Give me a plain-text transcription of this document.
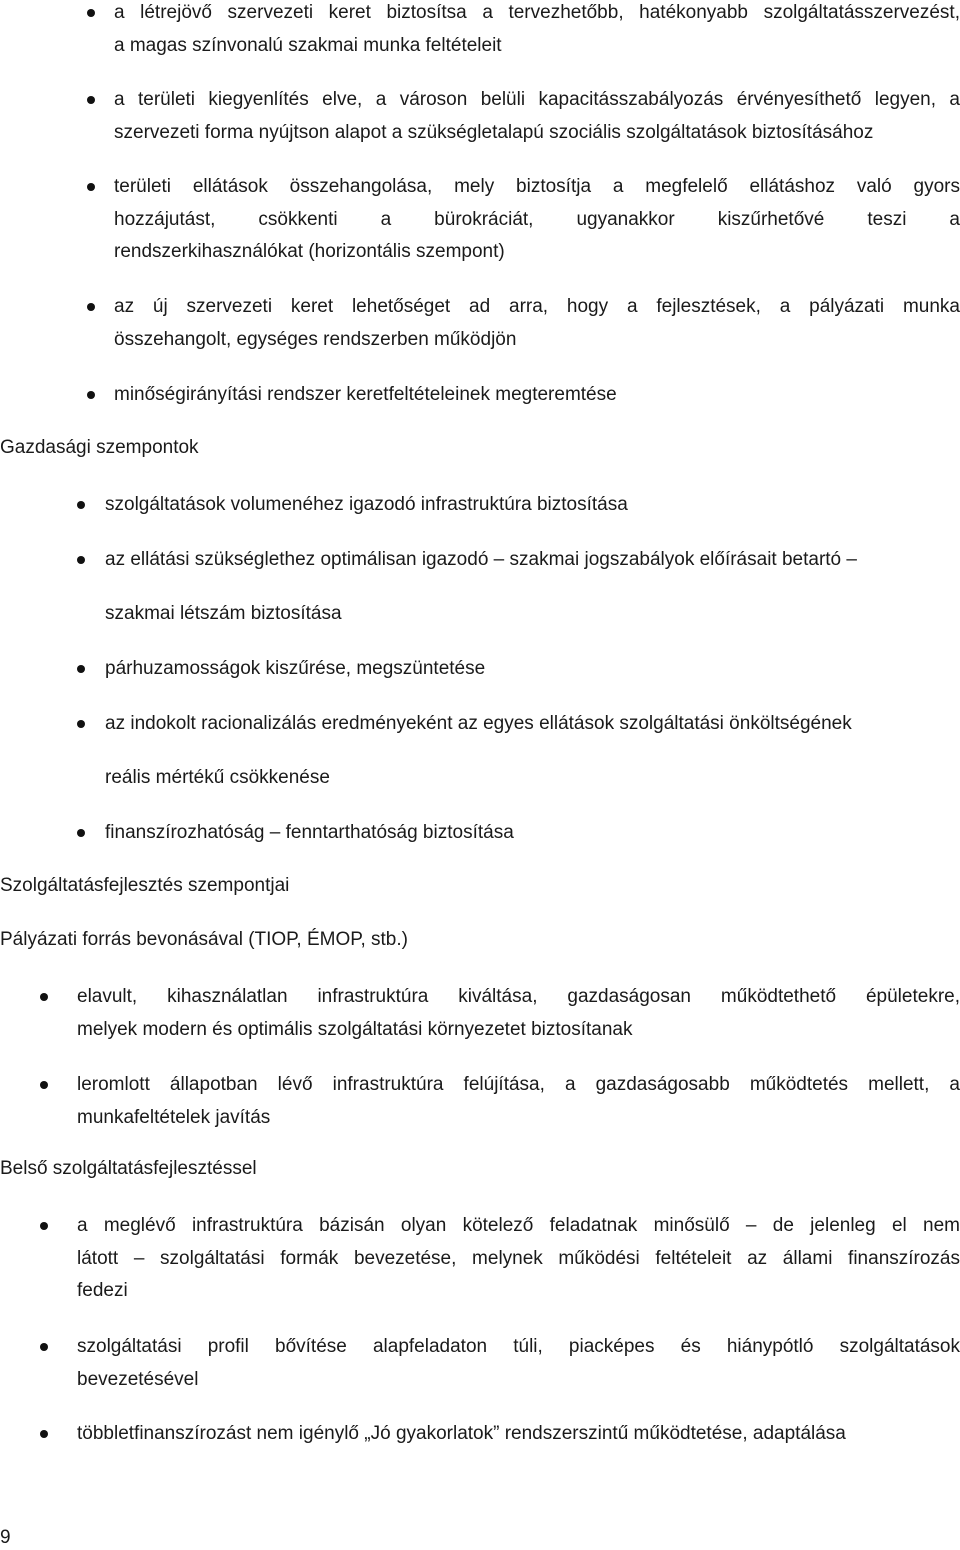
a létrejövő szervezeti keret biztosítsa a tervezhetőbb, hatékonyabb szolgáltatásszervezést,
a magas színvonalú szakmai munka feltételeit
a területi kiegyenlítés elve, a városon belüli kapacitásszabályozás érvényesíthető legyen, a
szervezeti forma nyújtson alapot a szükségletalapú szociális szolgáltatások biztosításához
területi ellátások összehangolása, mely biztosítja a megfelelő ellátáshoz való gyors
hozzájutást, csökkenti a bürokráciát, ugyanakkor kiszűrhetővé teszi a
rendszerkihasználókat (horizontális szempont)
az új szervezeti keret lehetőséget ad arra, hogy a fejlesztések, a pályázati munka
összehangolt, egységes rendszerben működjön
minőségirányítási rendszer keretfeltételeinek megteremtése
Gazdasági szempontok
szolgáltatások volumenéhez igazodó infrastruktúra biztosítása
az ellátási szükséglethez optimálisan igazodó – szakmai jogszabályok előírásait betartó –
szakmai létszám biztosítása
párhuzamosságok kiszűrése, megszüntetése
az indokolt racionalizálás eredményeként az egyes ellátások szolgáltatási önköltségének
reális mértékű csökkenése
finanszírozhatóság – fenntarthatóság biztosítása
Szolgáltatásfejlesztés szempontjai
Pályázati forrás bevonásával (TIOP, ÉMOP, stb.)
elavult, kihasználatlan infrastruktúra kiváltása, gazdaságosan működtethető épületekre,
melyek modern és optimális szolgáltatási környezetet biztosítanak
leromlott állapotban lévő infrastruktúra felújítása, a gazdaságosabb működtetés mellett, a
munkafeltételek javítás
Belső szolgáltatásfejlesztéssel
a meglévő infrastruktúra bázisán olyan kötelező feladatnak minősülő – de jelenleg el nem
látott – szolgáltatási formák bevezetése, melynek működési feltételeit az állami finanszírozás
fedezi
szolgáltatási profil bővítése alapfeladaton túli, piacképes és hiánypótló szolgáltatások
bevezetésével
többletfinanszírozást nem igénylő „Jó gyakorlatok” rendszerszintű működtetése, adaptálása
9
